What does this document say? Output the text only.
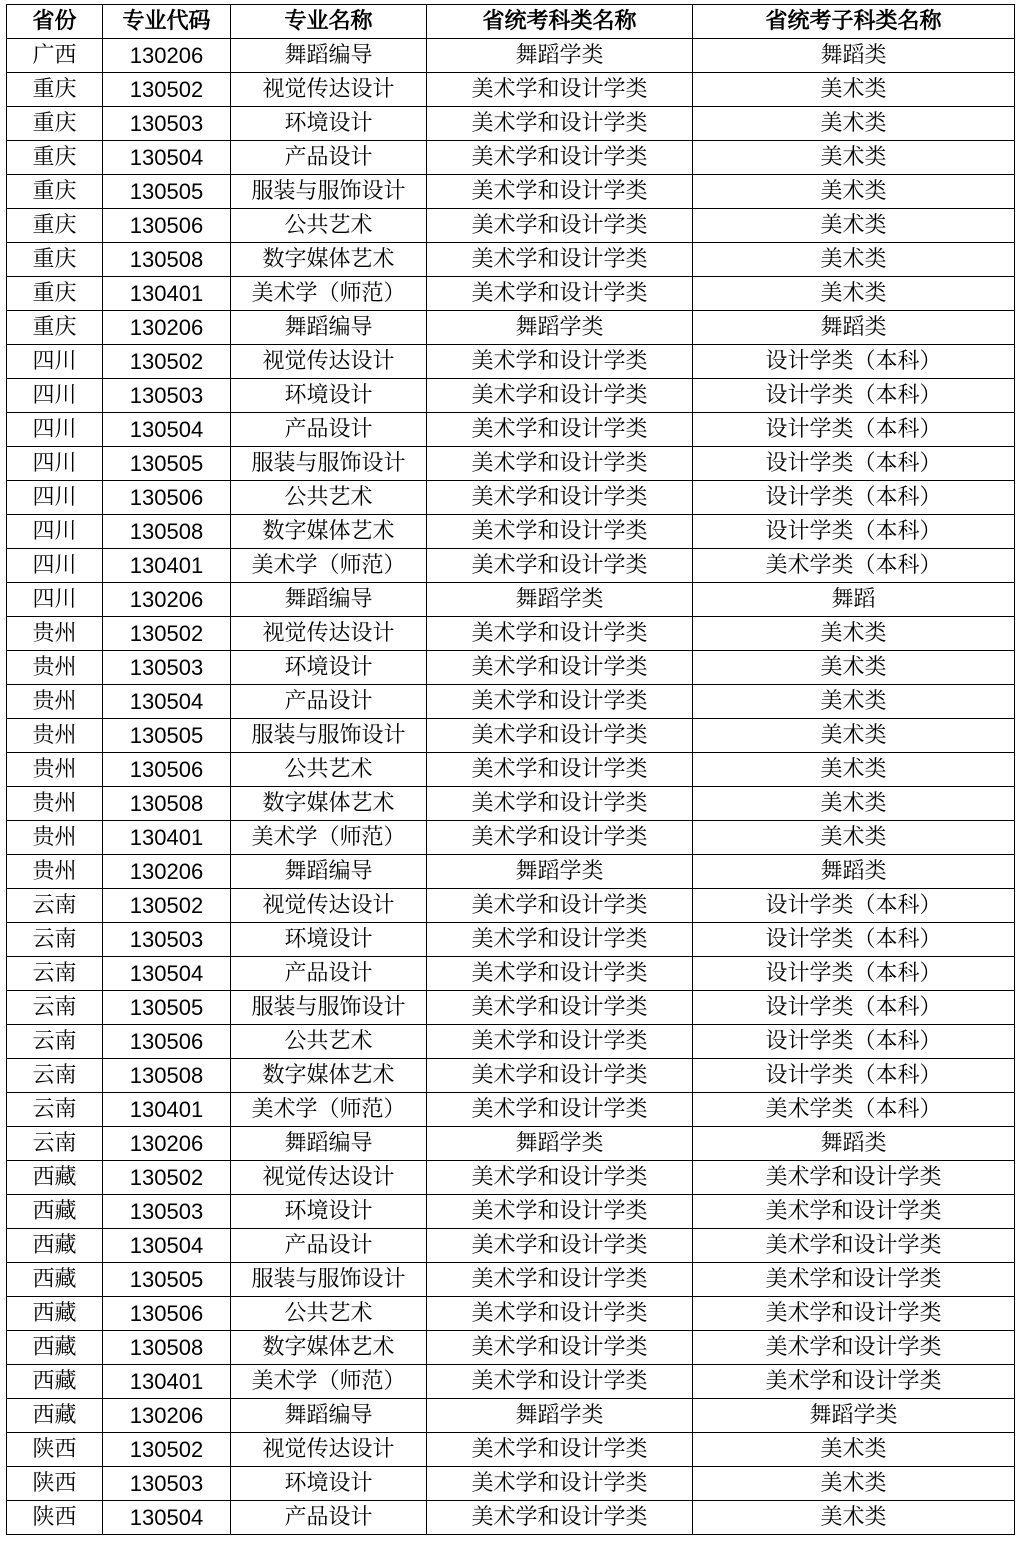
省份	专业代码	专业名称	省统考科类名称	省统考子科类名称
广西	130206	舞蹈编导	舞蹈学类	舞蹈类
重庆	130502	视觉传达设计	美术学和设计学类	美术类
重庆	130503	环境设计	美术学和设计学类	美术类
重庆	130504	产品设计	美术学和设计学类	美术类
重庆	130505	服装与服饰设计	美术学和设计学类	美术类
重庆	130506	公共艺术	美术学和设计学类	美术类
重庆	130508	数字媒体艺术	美术学和设计学类	美术类
重庆	130401	美术学（师范）	美术学和设计学类	美术类
重庆	130206	舞蹈编导	舞蹈学类	舞蹈类
四川	130502	视觉传达设计	美术学和设计学类	设计学类（本科）
四川	130503	环境设计	美术学和设计学类	设计学类（本科）
四川	130504	产品设计	美术学和设计学类	设计学类（本科）
四川	130505	服装与服饰设计	美术学和设计学类	设计学类（本科）
四川	130506	公共艺术	美术学和设计学类	设计学类（本科）
四川	130508	数字媒体艺术	美术学和设计学类	设计学类（本科）
四川	130401	美术学（师范）	美术学和设计学类	美术学类（本科）
四川	130206	舞蹈编导	舞蹈学类	舞蹈
贵州	130502	视觉传达设计	美术学和设计学类	美术类
贵州	130503	环境设计	美术学和设计学类	美术类
贵州	130504	产品设计	美术学和设计学类	美术类
贵州	130505	服装与服饰设计	美术学和设计学类	美术类
贵州	130506	公共艺术	美术学和设计学类	美术类
贵州	130508	数字媒体艺术	美术学和设计学类	美术类
贵州	130401	美术学（师范）	美术学和设计学类	美术类
贵州	130206	舞蹈编导	舞蹈学类	舞蹈类
云南	130502	视觉传达设计	美术学和设计学类	设计学类（本科）
云南	130503	环境设计	美术学和设计学类	设计学类（本科）
云南	130504	产品设计	美术学和设计学类	设计学类（本科）
云南	130505	服装与服饰设计	美术学和设计学类	设计学类（本科）
云南	130506	公共艺术	美术学和设计学类	设计学类（本科）
云南	130508	数字媒体艺术	美术学和设计学类	设计学类（本科）
云南	130401	美术学（师范）	美术学和设计学类	美术学类（本科）
云南	130206	舞蹈编导	舞蹈学类	舞蹈类
西藏	130502	视觉传达设计	美术学和设计学类	美术学和设计学类
西藏	130503	环境设计	美术学和设计学类	美术学和设计学类
西藏	130504	产品设计	美术学和设计学类	美术学和设计学类
西藏	130505	服装与服饰设计	美术学和设计学类	美术学和设计学类
西藏	130506	公共艺术	美术学和设计学类	美术学和设计学类
西藏	130508	数字媒体艺术	美术学和设计学类	美术学和设计学类
西藏	130401	美术学（师范）	美术学和设计学类	美术学和设计学类
西藏	130206	舞蹈编导	舞蹈学类	舞蹈学类
陕西	130502	视觉传达设计	美术学和设计学类	美术类
陕西	130503	环境设计	美术学和设计学类	美术类
陕西	130504	产品设计	美术学和设计学类	美术类
